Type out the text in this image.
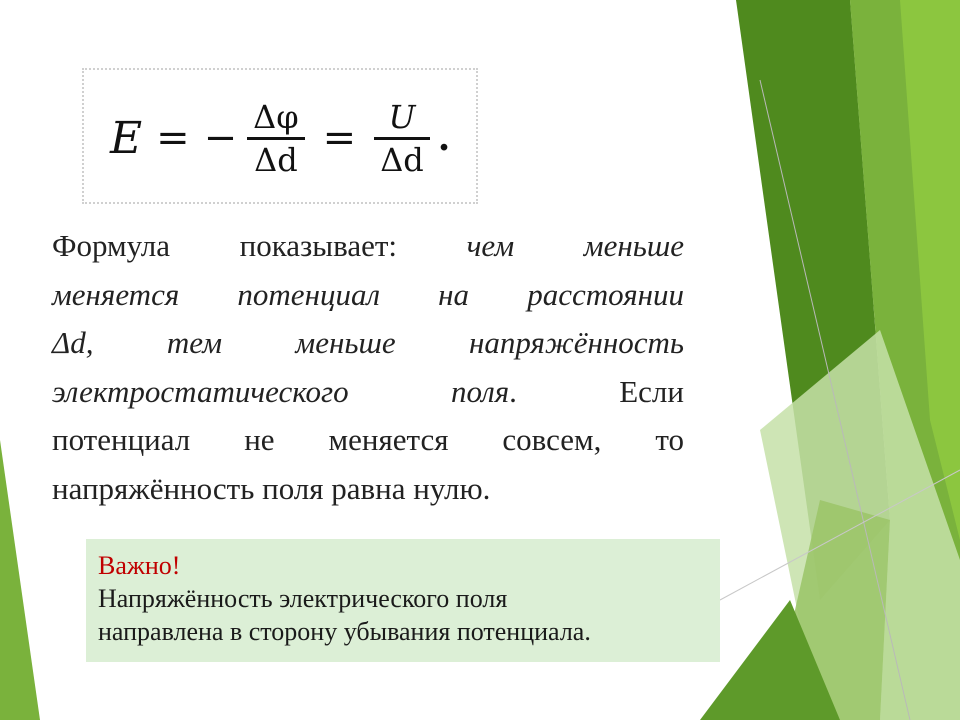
E = − $\frac{\Delta\varphi}{\Delta d} = \frac{U}{\Delta d}$ .
Формула показывает: чем меньше
меняется потенциал на расстоянии
Δd, тем меньше напряжённость
электростатического поля. Если
потенциал не меняется совсем, то
напряжённость поля равна нулю.
Важно!
Напряжённость электрического поля
направлена в сторону убывания потенциала.
